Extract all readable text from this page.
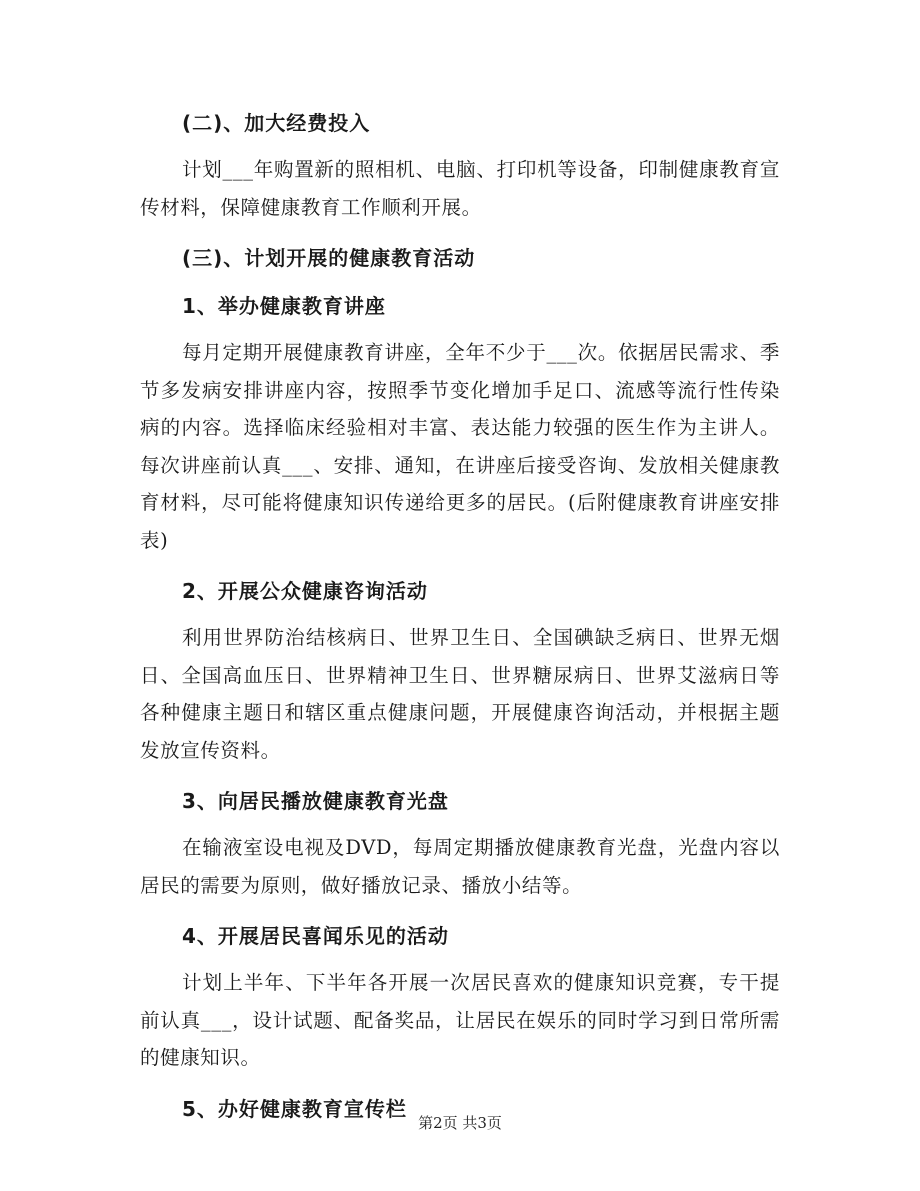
(二)、加大经费投入

计划___年购置新的照相机、电脑、打印机等设备，印制健康教育宣传材料，保障健康教育工作顺利开展。

(三)、计划开展的健康教育活动
1、举办健康教育讲座

每月定期开展健康教育讲座，全年不少于___次。依据居民需求、季节多发病安排讲座内容，按照季节变化增加手足口、流感等流行性传染病的内容。选择临床经验相对丰富、表达能力较强的医生作为主讲人。每次讲座前认真___、安排、通知，在讲座后接受咨询、发放相关健康教育材料，尽可能将健康知识传递给更多的居民。(后附健康教育讲座安排表)

2、开展公众健康咨询活动

利用世界防治结核病日、世界卫生日、全国碘缺乏病日、世界无烟日、全国高血压日、世界精神卫生日、世界糖尿病日、世界艾滋病日等各种健康主题日和辖区重点健康问题，开展健康咨询活动，并根据主题发放宣传资料。

3、向居民播放健康教育光盘

在输液室设电视及DVD，每周定期播放健康教育光盘，光盘内容以居民的需要为原则，做好播放记录、播放小结等。

4、开展居民喜闻乐见的活动

计划上半年、下半年各开展一次居民喜欢的健康知识竞赛，专干提前认真___，设计试题、配备奖品，让居民在娱乐的同时学习到日常所需的健康知识。

5、办好健康教育宣传栏
第2页 共3页
